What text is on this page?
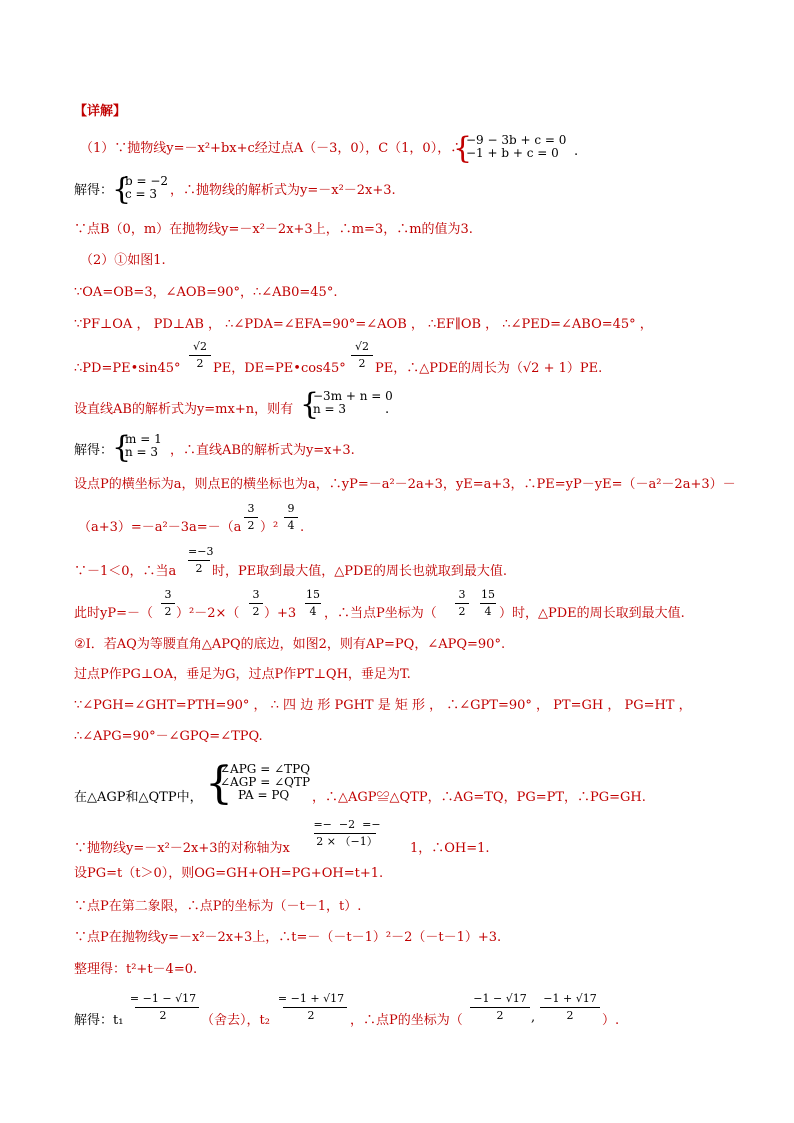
【详解】
（1）∵抛物线y=－x²+bx+c经过点A（－3，0），C（1，0），∴
{
−9 − 3b + c = 0
−1 + b + c = 0	.
解得：
{
b = −2
c = 3 ，∴抛物线的解析式为y=－x²－2x+3.
∵点B（0，m）在抛物线y=－x²－2x+3上，∴m=3，∴m的值为3.
（2）①如图1.
∵OA=OB=3，∠AOB=90°，∴∠AB0=45°.
∵PF⊥OA ， PD⊥AB ， ∴∠PDA=∠EFA=90°=∠AOB ， ∴EF∥OB ， ∴∠PED=∠ABO=45° ，
∴PD=PE•sin45°
√2
2 PE，DE=PE•cos45°
√2
2 PE，∴△PDE的周长为（√2 + 1）PE.
设直线AB的解析式为y=mx+n，则有 {
−3m + n = 0
n = 3	.
解得：
{
m = 1
n = 3 ，∴直线AB的解析式为y=x+3.
设点P的横坐标为a，则点E的横坐标也为a，∴yP=－a²－2a+3，yE=a+3，∴PE=yP－yE=（－a²－2a+3）－
（a+3）=－a²－3a=－（a
3
2 ）²
9
4 .
∵－1＜0，∴当a
=−3
2 时，PE取到最大值，△PDE的周长也就取到最大值.
此时yP=－（
3
2 ）²－2×（
3
2 ）+3
15
4 ，∴当点P坐标为（
3
2
15
4 ）时，△PDE的周长取到最大值.
②Ⅰ．若AQ为等腰直角△APQ的底边，如图2，则有AP=PQ，∠APQ=90°.
过点P作PG⊥OA，垂足为G，过点P作PT⊥QH，垂足为T.
∵∠PGH=∠GHT=PTH=90° ， ∴ 四 边 形 PGHT 是 矩 形 ， ∴∠GPT=90° ， PT=GH ， PG=HT ，
∴∠APG=90°－∠GPQ=∠TPQ.
在△AGP和△QTP中， {
∠APG = ∠TPQ
∠AGP = ∠QTP
PA = PQ	，∴△AGP≌△QTP，∴AG=TQ，PG=PT，∴PG=GH.
∵抛物线y=－x²－2x+3的对称轴为x
=−  −2  =−
2 × （−1）	1，∴OH=1.
设PG=t（t＞0），则OG=GH+OH=PG+OH=t+1.
∵点P在第二象限，∴点P的坐标为（－t－1，t）.
∵点P在抛物线y=－x²－2x+3上，∴t=－（－t－1）²－2（－t－1）+3.
整理得：t²+t－4=0.
解得：t₁
= −1 − √17
2	（舍去），t₂
= −1 + √17
2	，∴点P的坐标为（
−1 − √17
2	,
−1 + √17
2	）.
